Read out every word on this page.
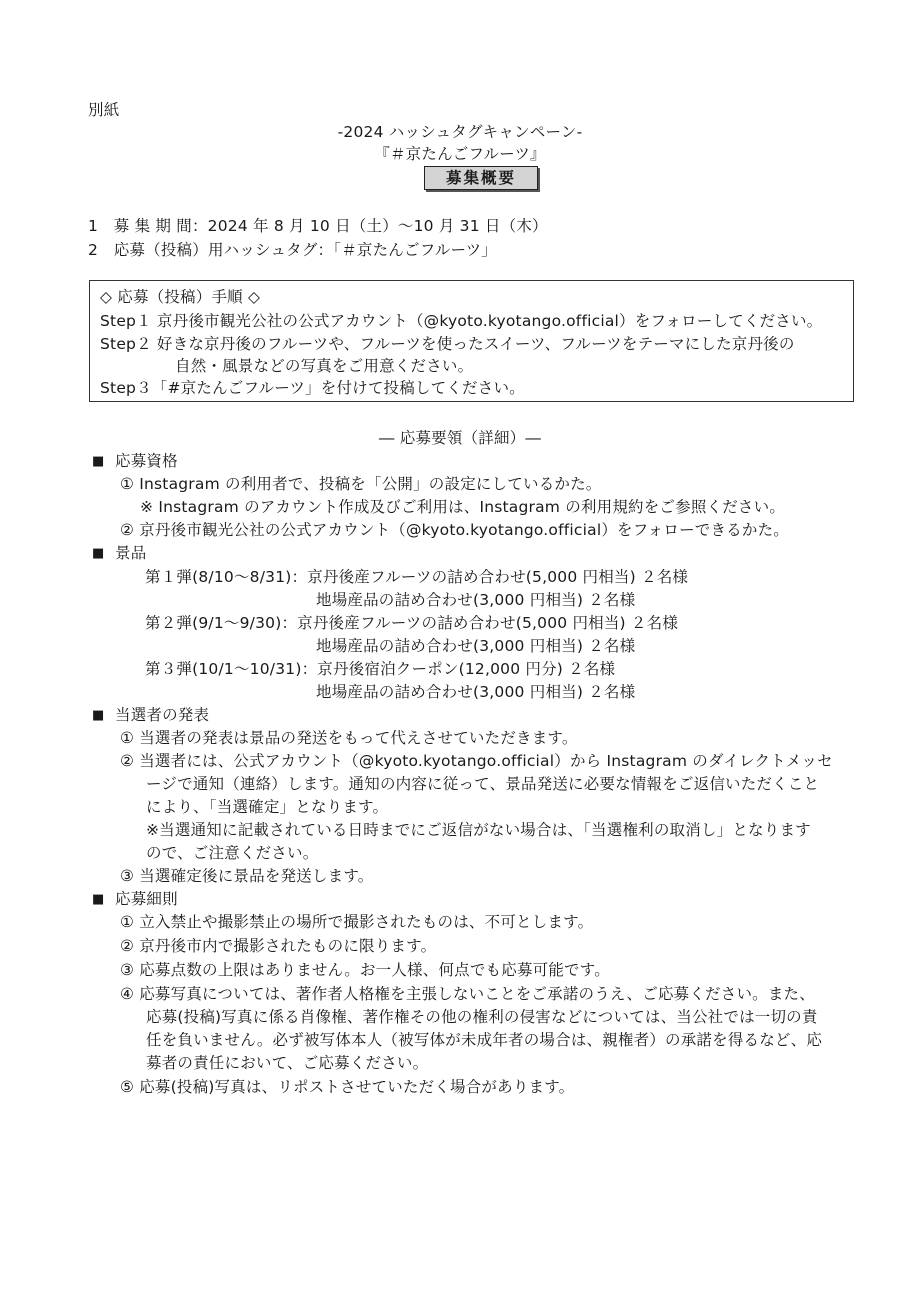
別紙
-2024 ハッシュタグキャンペーン-
『＃京たんごフルーツ』
募集概要
1　募 集 期 間：2024 年 8 月 10 日（土）～10 月 31 日（木）
2　応募（投稿）用ハッシュタグ：「＃京たんごフルーツ」
◇ 応募（投稿）手順 ◇
Step１ 京丹後市観光公社の公式アカウント（@kyoto.kyotango.official）をフォローしてください。
Step２ 好きな京丹後のフルーツや、フルーツを使ったスイーツ、フルーツをテーマにした京丹後の
自然・風景などの写真をご用意ください。
Step３「#京たんごフルーツ」を付けて投稿してください。
― 応募要領（詳細）―
■ 応募資格
① Instagram の利用者で、投稿を「公開」の設定にしているかた。
※ Instagram のアカウント作成及びご利用は、Instagram の利用規約をご参照ください。
② 京丹後市観光公社の公式アカウント（@kyoto.kyotango.official）をフォローできるかた。
■ 景品
第１弾(8/10～8/31)：京丹後産フルーツの詰め合わせ(5,000 円相当) ２名様
地場産品の詰め合わせ(3,000 円相当) ２名様
第２弾(9/1～9/30)：京丹後産フルーツの詰め合わせ(5,000 円相当) ２名様
地場産品の詰め合わせ(3,000 円相当) ２名様
第３弾(10/1～10/31)：京丹後宿泊クーポン(12,000 円分) ２名様
地場産品の詰め合わせ(3,000 円相当) ２名様
■ 当選者の発表
① 当選者の発表は景品の発送をもって代えさせていただきます。
② 当選者には、公式アカウント（@kyoto.kyotango.official）から Instagram のダイレクトメッセ
ージで通知（連絡）します。通知の内容に従って、景品発送に必要な情報をご返信いただくこと
により、「当選確定」となります。
※当選通知に記載されている日時までにご返信がない場合は、「当選権利の取消し」となります
ので、ご注意ください。
③ 当選確定後に景品を発送します。
■ 応募細則
① 立入禁止や撮影禁止の場所で撮影されたものは、不可とします。
② 京丹後市内で撮影されたものに限ります。
③ 応募点数の上限はありません。お一人様、何点でも応募可能です。
④ 応募写真については、著作者人格権を主張しないことをご承諾のうえ、ご応募ください。また、
応募(投稿)写真に係る肖像権、著作権その他の権利の侵害などについては、当公社では一切の責
任を負いません。必ず被写体本人（被写体が未成年者の場合は、親権者）の承諾を得るなど、応
募者の責任において、ご応募ください。
⑤ 応募(投稿)写真は、リポストさせていただく場合があります。
